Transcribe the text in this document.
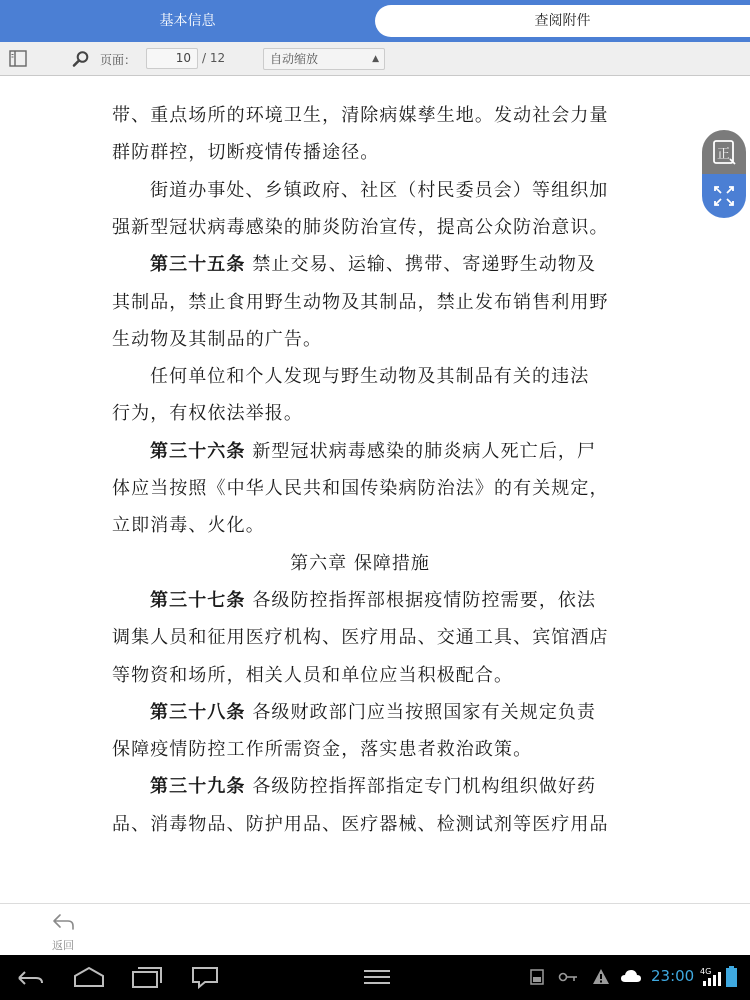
基本信息	查阅附件
页面：	10 / 12	自动缩放	▲

带、重点场所的环境卫生，清除病媒孳生地。发动社会力量
群防群控，切断疫情传播途径。
街道办事处、乡镇政府、社区（村民委员会）等组织加
强新型冠状病毒感染的肺炎防治宣传，提高公众防治意识。
第三十五条 禁止交易、运输、携带、寄递野生动物及
其制品，禁止食用野生动物及其制品，禁止发布销售利用野
生动物及其制品的广告。
任何单位和个人发现与野生动物及其制品有关的违法
行为，有权依法举报。
第三十六条 新型冠状病毒感染的肺炎病人死亡后，尸
体应当按照《中华人民共和国传染病防治法》的有关规定，
立即消毒、火化。
第六章 保障措施
第三十七条 各级防控指挥部根据疫情防控需要，依法
调集人员和征用医疗机构、医疗用品、交通工具、宾馆酒店
等物资和场所，相关人员和单位应当积极配合。
第三十八条 各级财政部门应当按照国家有关规定负责
保障疫情防控工作所需资金，落实患者救治政策。
第三十九条 各级防控指挥部指定专门机构组织做好药
品、消毒物品、防护用品、医疗器械、检测试剂等医疗用品
正
返回
23:00 4G
